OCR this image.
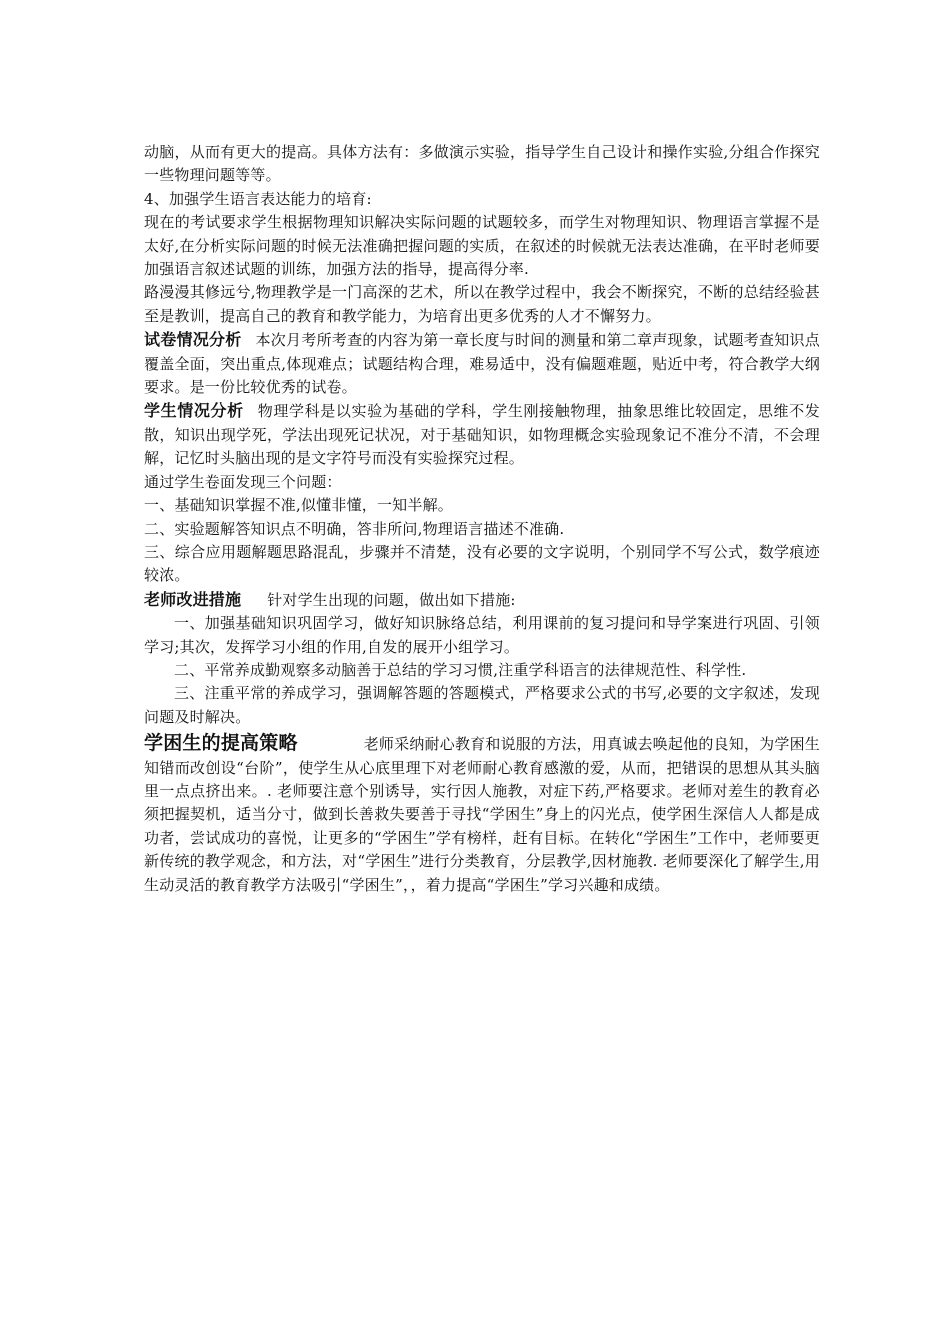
动脑，从而有更大的提高。具体方法有：多做演示实验，指导学生自己设计和操作实验,分组合作探究一些物理问题等等。

4、加强学生语言表达能力的培育:

现在的考试要求学生根据物理知识解决实际问题的试题较多，而学生对物理知识、物理语言掌握不是太好,在分析实际问题的时候无法准确把握问题的实质，在叙述的时候就无法表达准确，在平时老师要加强语言叙述试题的训练，加强方法的指导，提高得分率.

路漫漫其修远兮,物理教学是一门高深的艺术，所以在教学过程中，我会不断探究，不断的总结经验甚至是教训，提高自己的教育和教学能力，为培育出更多优秀的人才不懈努力。

试卷情况分析 本次月考所考查的内容为第一章长度与时间的测量和第二章声现象，试题考查知识点覆盖全面，突出重点,体现难点；试题结构合理，难易适中，没有偏题难题，贴近中考，符合教学大纲要求。是一份比较优秀的试卷。

学生情况分析 物理学科是以实验为基础的学科，学生刚接触物理，抽象思维比较固定，思维不发散，知识出现学死，学法出现死记状况，对于基础知识，如物理概念实验现象记不准分不清，不会理解，记忆时头脑出现的是文字符号而没有实验探究过程。

通过学生卷面发现三个问题：

一、基础知识掌握不准,似懂非懂，一知半解。

二、实验题解答知识点不明确，答非所问,物理语言描述不准确.

三、综合应用题解题思路混乱，步骤并不清楚，没有必要的文字说明，个别同学不写公式，数学痕迹较浓。

老师改进措施 针对学生出现的问题，做出如下措施:

一、加强基础知识巩固学习，做好知识脉络总结，利用课前的复习提问和导学案进行巩固、引领学习;其次，发挥学习小组的作用,自发的展开小组学习。

二、平常养成勤观察多动脑善于总结的学习习惯,注重学科语言的法律规范性、科学性.

三、注重平常的养成学习，强调解答题的答题模式，严格要求公式的书写,必要的文字叙述，发现问题及时解决。

学困生的提高策略	老师采纳耐心教育和说服的方法，用真诚去唤起他的良知，为学困生知错而改创设“台阶”，使学生从心底里理下对老师耐心教育感激的爱，从而，把错误的思想从其头脑里一点点挤出来。. 老师要注意个别诱导，实行因人施教，对症下药,严格要求。老师对差生的教育必须把握契机，适当分寸，做到长善救失要善于寻找“学困生”身上的闪光点，使学困生深信人人都是成功者，尝试成功的喜悦，让更多的“学困生”学有榜样，赶有目标。在转化“学困生”工作中，老师要更新传统的教学观念，和方法，对“学困生”进行分类教育，分层教学,因材施教. 老师要深化了解学生,用生动灵活的教育教学方法吸引“学困生”，，着力提高“学困生”学习兴趣和成绩。
